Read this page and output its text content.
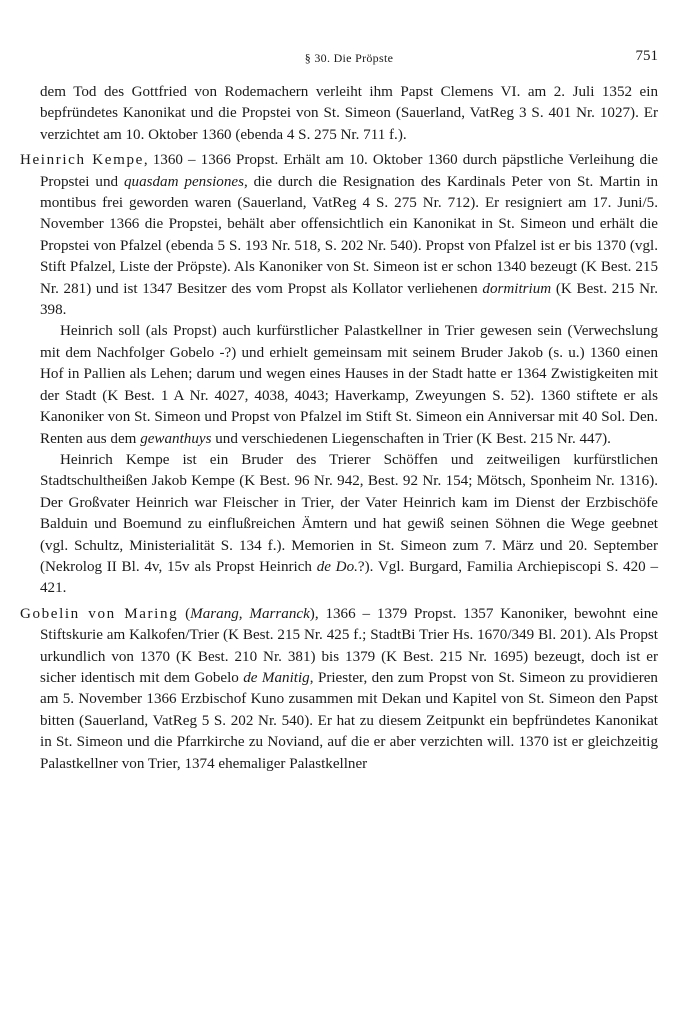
§ 30. Die Pröpste	751

dem Tod des Gottfried von Rodemachern verleiht ihm Papst Clemens VI. am 2. Juli 1352 ein bepfründetes Kanonikat und die Propstei von St. Simeon (Sauerland, VatReg 3 S. 401 Nr. 1027). Er verzichtet am 10. Oktober 1360 (ebenda 4 S. 275 Nr. 711 f.).

Heinrich Kempe, 1360 – 1366 Propst. Erhält am 10. Oktober 1360 durch päpstliche Verleihung die Propstei und quasdam pensiones, die durch die Resignation des Kardinals Peter von St. Martin in montibus frei geworden waren (Sauerland, VatReg 4 S. 275 Nr. 712). Er resigniert am 17. Juni/5. November 1366 die Propstei, behält aber offensichtlich ein Kanonikat in St. Simeon und erhält die Propstei von Pfalzel (ebenda 5 S. 193 Nr. 518, S. 202 Nr. 540). Propst von Pfalzel ist er bis 1370 (vgl. Stift Pfalzel, Liste der Pröpste). Als Kanoniker von St. Simeon ist er schon 1340 bezeugt (K Best. 215 Nr. 281) und ist 1347 Besitzer des vom Propst als Kollator verliehenen dormitrium (K Best. 215 Nr. 398.

Heinrich soll (als Propst) auch kurfürstlicher Palastkellner in Trier gewesen sein (Verwechslung mit dem Nachfolger Gobelo -?) und erhielt gemeinsam mit seinem Bruder Jakob (s. u.) 1360 einen Hof in Pallien als Lehen; darum und wegen eines Hauses in der Stadt hatte er 1364 Zwistigkeiten mit der Stadt (K Best. 1 A Nr. 4027, 4038, 4043; Haverkamp, Zweyungen S. 52). 1360 stiftete er als Kanoniker von St. Simeon und Propst von Pfalzel im Stift St. Simeon ein Anniversar mit 40 Sol. Den. Renten aus dem gewanthuys und verschiedenen Liegenschaften in Trier (K Best. 215 Nr. 447).

Heinrich Kempe ist ein Bruder des Trierer Schöffen und zeitweiligen kurfürstlichen Stadtschultheißen Jakob Kempe (K Best. 96 Nr. 942, Best. 92 Nr. 154; Mötsch, Sponheim Nr. 1316). Der Großvater Heinrich war Fleischer in Trier, der Vater Heinrich kam im Dienst der Erzbischöfe Balduin und Boemund zu einflußreichen Ämtern und hat gewiß seinen Söhnen die Wege geebnet (vgl. Schultz, Ministerialität S. 134 f.). Memorien in St. Simeon zum 7. März und 20. September (Nekrolog II Bl. 4v, 15v als Propst Heinrich de Do.?). Vgl. Burgard, Familia Archiepiscopi S. 420 – 421.

Gobelin von Maring (Marang, Marranck), 1366 – 1379 Propst. 1357 Kanoniker, bewohnt eine Stiftskurie am Kalkofen/Trier (K Best. 215 Nr. 425 f.; StadtBi Trier Hs. 1670/349 Bl. 201). Als Propst urkundlich von 1370 (K Best. 210 Nr. 381) bis 1379 (K Best. 215 Nr. 1695) bezeugt, doch ist er sicher identisch mit dem Gobelo de Manitig, Priester, den zum Propst von St. Simeon zu providieren am 5. November 1366 Erzbischof Kuno zusammen mit Dekan und Kapitel von St. Simeon den Papst bitten (Sauerland, VatReg 5 S. 202 Nr. 540). Er hat zu diesem Zeitpunkt ein bepfründetes Kanonikat in St. Simeon und die Pfarrkirche zu Noviand, auf die er aber verzichten will. 1370 ist er gleichzeitig Palastkellner von Trier, 1374 ehemaliger Palastkellner
